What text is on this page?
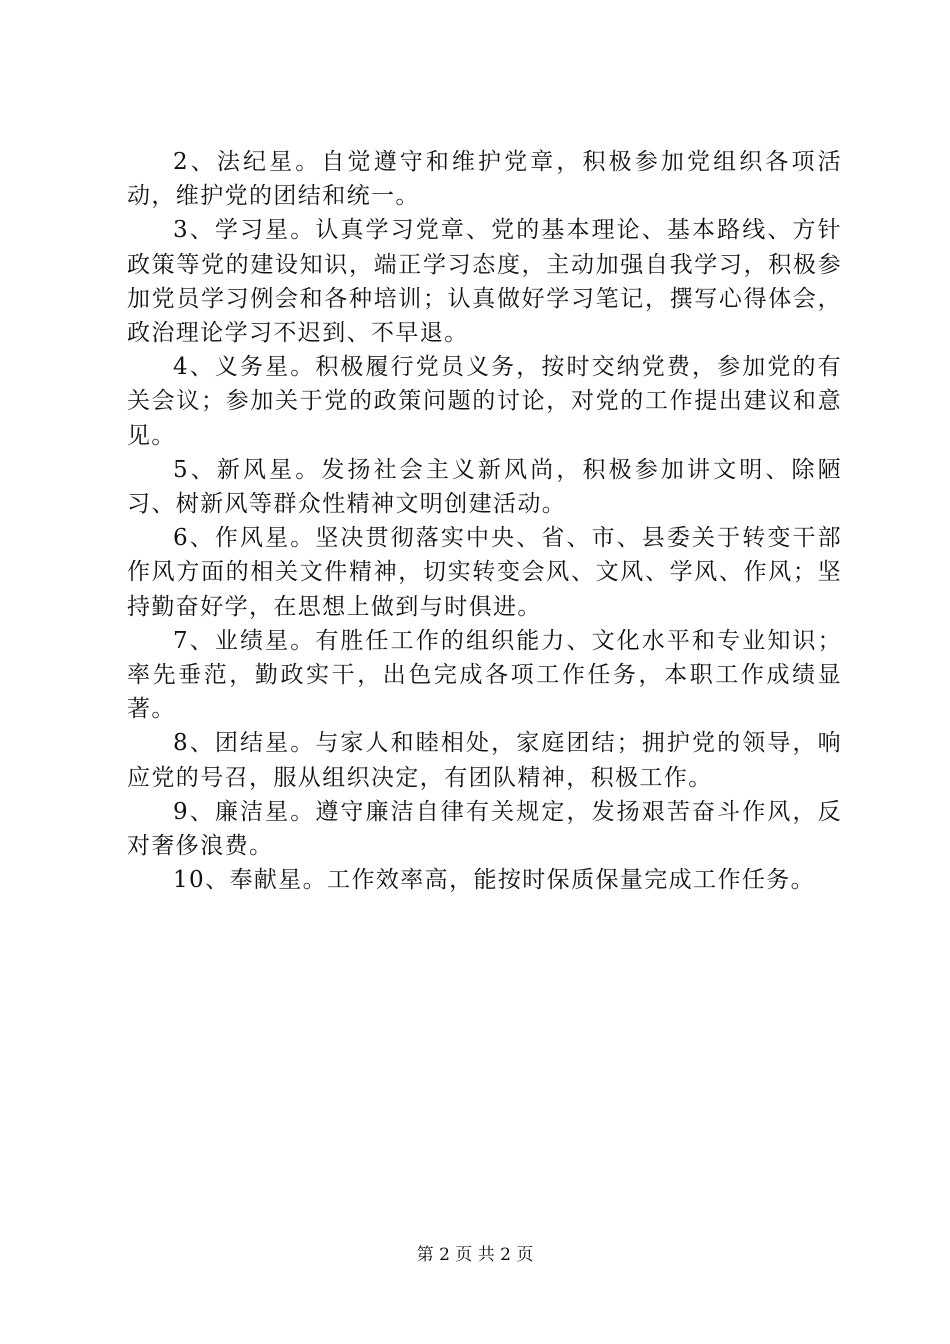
2、法纪星。自觉遵守和维护党章，积极参加党组织各项活动，维护党的团结和统一。

3、学习星。认真学习党章、党的基本理论、基本路线、方针政策等党的建设知识，端正学习态度，主动加强自我学习，积极参加党员学习例会和各种培训；认真做好学习笔记，撰写心得体会，政治理论学习不迟到、不早退。

4、义务星。积极履行党员义务，按时交纳党费，参加党的有关会议；参加关于党的政策问题的讨论，对党的工作提出建议和意见。

5、新风星。发扬社会主义新风尚，积极参加讲文明、除陋习、树新风等群众性精神文明创建活动。

6、作风星。坚决贯彻落实中央、省、市、县委关于转变干部作风方面的相关文件精神，切实转变会风、文风、学风、作风；坚持勤奋好学，在思想上做到与时俱进。

7、业绩星。有胜任工作的组织能力、文化水平和专业知识；率先垂范，勤政实干，出色完成各项工作任务，本职工作成绩显著。

8、团结星。与家人和睦相处，家庭团结；拥护党的领导，响应党的号召，服从组织决定，有团队精神，积极工作。

9、廉洁星。遵守廉洁自律有关规定，发扬艰苦奋斗作风，反对奢侈浪费。

10、奉献星。工作效率高，能按时保质保量完成工作任务。

第 2 页 共 2 页
